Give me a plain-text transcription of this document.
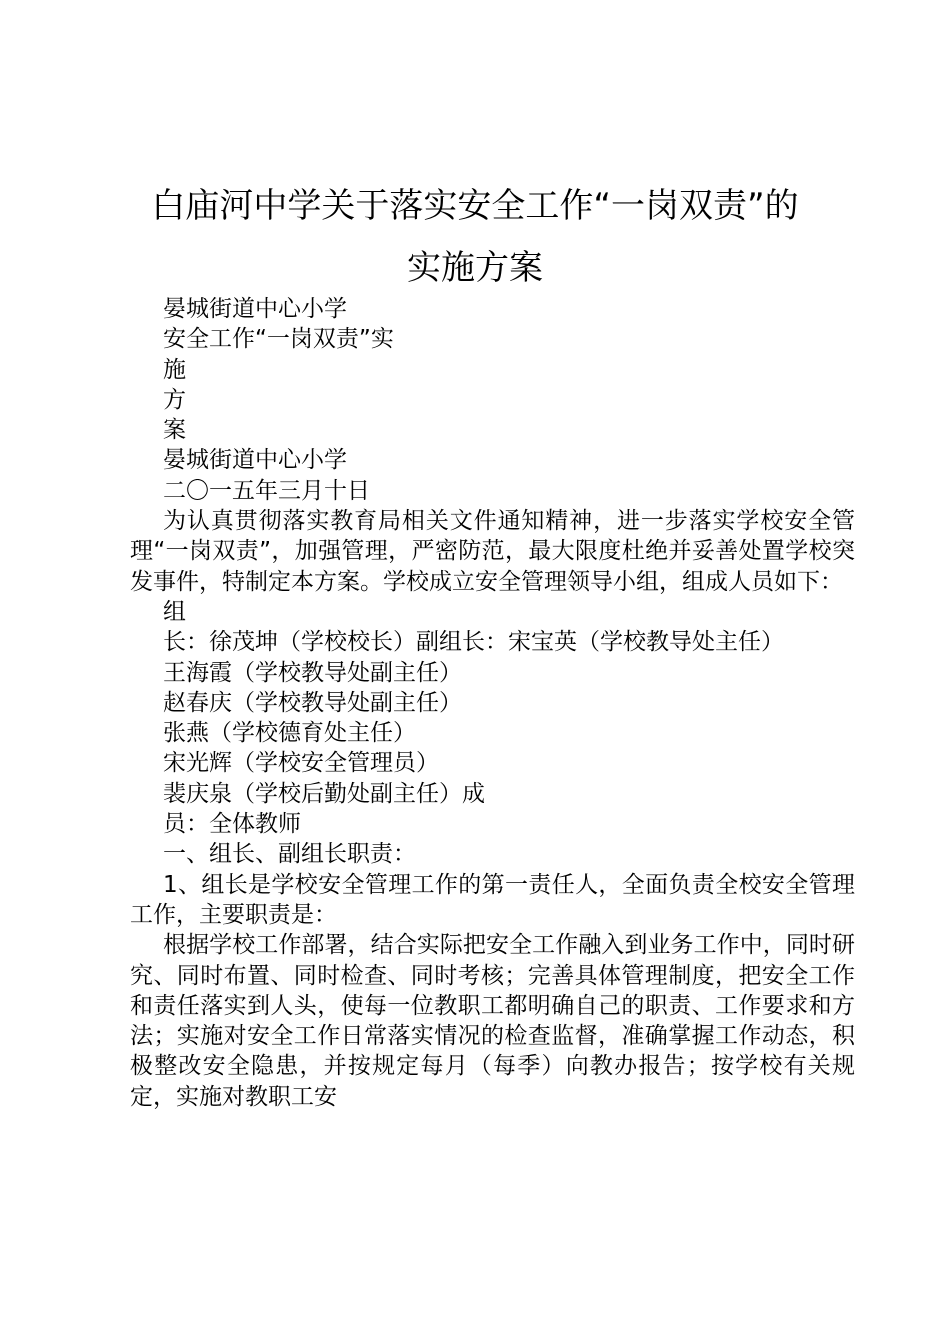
白庙河中学关于落实安全工作“一岗双责”的
实施方案

晏城街道中心小学

安全工作“一岗双责”实

施

方

案

晏城街道中心小学

二〇一五年三月十日

为认真贯彻落实教育局相关文件通知精神，进一步落实学校安全管理“一岗双责”，加强管理，严密防范，最大限度杜绝并妥善处置学校突发事件，特制定本方案。学校成立安全管理领导小组，组成人员如下：

组

长：徐茂坤（学校校长）副组长：宋宝英（学校教导处主任）

王海霞（学校教导处副主任）

赵春庆（学校教导处副主任）

张燕（学校德育处主任）

宋光辉（学校安全管理员）

裴庆泉（学校后勤处副主任）成

员：全体教师

一、组长、副组长职责：

1、组长是学校安全管理工作的第一责任人，全面负责全校安全管理工作，主要职责是：

根据学校工作部署，结合实际把安全工作融入到业务工作中，同时研究、同时布置、同时检查、同时考核；完善具体管理制度，把安全工作和责任落实到人头，使每一位教职工都明确自己的职责、工作要求和方法；实施对安全工作日常落实情况的检查监督，准确掌握工作动态，积极整改安全隐患，并按规定每月（每季）向教办报告；按学校有关规定，实施对教职工安
